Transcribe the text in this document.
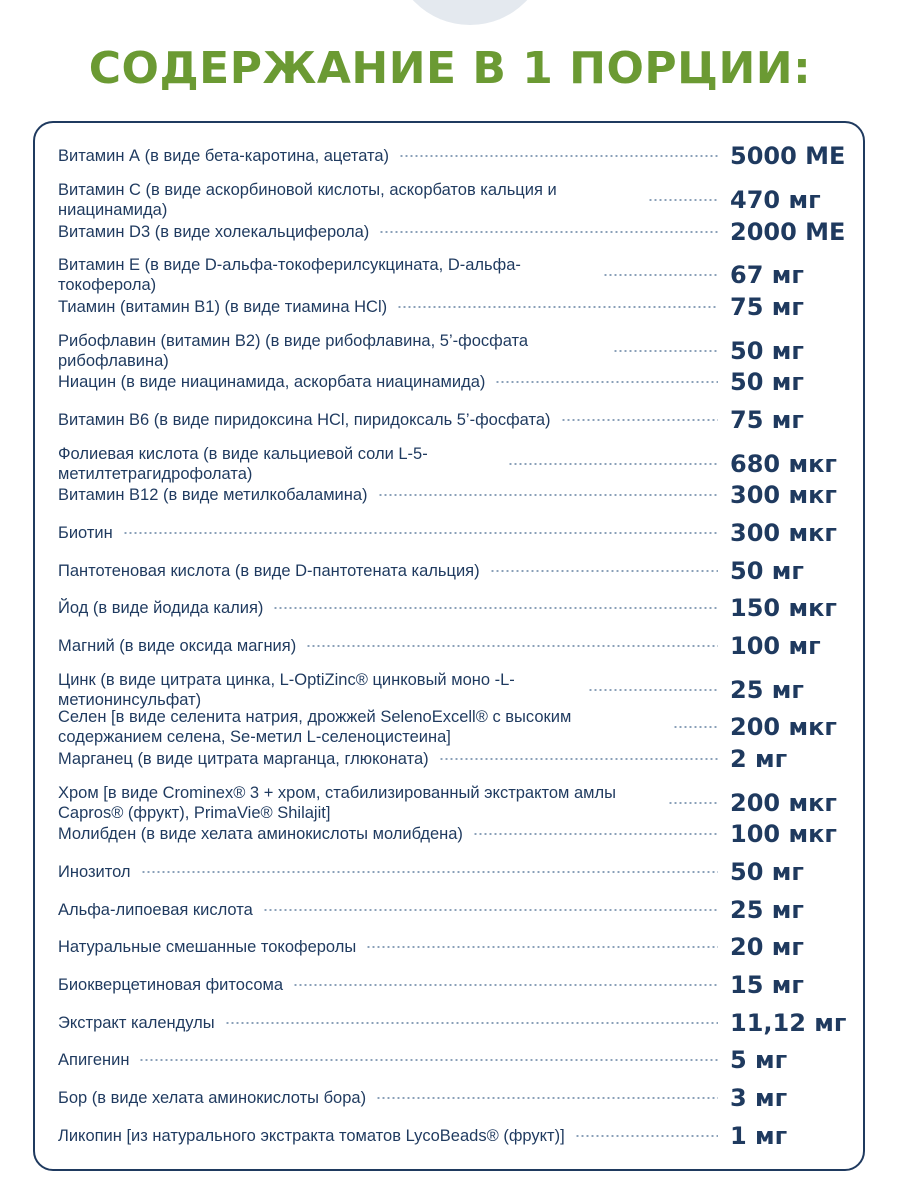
СОДЕРЖАНИЕ В 1 ПОРЦИИ:
Витамин А (в виде бета-каротина, ацетата)	5000 МЕ
Витамин С (в виде аскорбиновой кислоты, аскорбатов кальция и ниацинамида)	470 мг
Витамин D3 (в виде холекальциферола)	2000 МЕ
Витамин Е (в виде D-альфа-токоферилсукцината, D-альфа-токоферола)	67 мг
Тиамин (витамин B1) (в виде тиамина HCl)	75 мг
Рибофлавин (витамин B2) (в виде рибофлавина, 5’-фосфата рибофлавина)	50 мг
Ниацин (в виде ниацинамида, аскорбата ниацинамида)	50 мг
Витамин B6 (в виде пиридоксина HCl, пиридоксаль 5’-фосфата)	75 мг
Фолиевая кислота (в виде кальциевой соли L-5-метилтетрагидрофолата)	680 мкг
Витамин B12 (в виде метилкобаламина)	300 мкг
Биотин	300 мкг
Пантотеновая кислота (в виде D-пантотената кальция)	50 мг
Йод (в виде йодида калия)	150 мкг
Магний (в виде оксида магния)	100 мг
Цинк (в виде цитрата цинка, L-OptiZinc® цинковый моно -L-метионинсульфат)	25 мг
Селен [в виде селенита натрия, дрожжей SelenoExcell® с высоким содержанием селена, Se-метил L-селеноцистеина]	200 мкг
Марганец (в виде цитрата марганца, глюконата)	2 мг
Хром [в виде Crominex® 3 + хром, стабилизированный экстрактом амлы Capros® (фрукт), PrimaVie® Shilajit]	200 мкг
Молибден (в виде хелата аминокислоты молибдена)	100 мкг
Инозитол	50 мг
Альфа-липоевая кислота	25 мг
Натуральные смешанные токоферолы	20 мг
Биокверцетиновая фитосома	15 мг
Экстракт календулы	11,12 мг
Апигенин	5 мг
Бор (в виде хелата аминокислоты бора)	3 мг
Ликопин [из натурального экстракта томатов LycoBeads® (фрукт)]	1 мг
